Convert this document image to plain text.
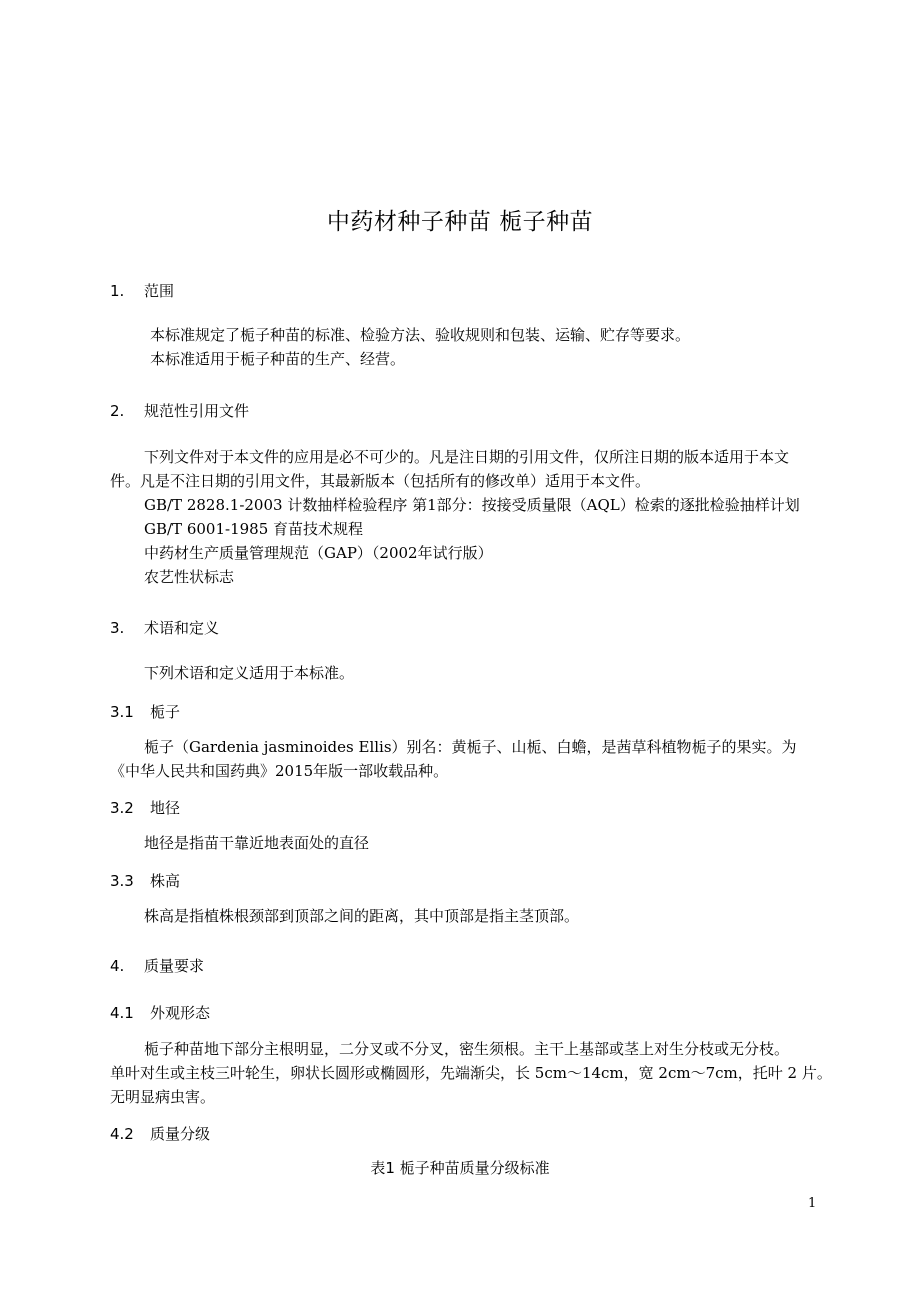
中药材种子种苗 栀子种苗
1. 范围
本标准规定了栀子种苗的标准、检验方法、验收规则和包装、运输、贮存等要求。
本标准适用于栀子种苗的生产、经营。
2. 规范性引用文件
下列文件对于本文件的应用是必不可少的。凡是注日期的引用文件，仅所注日期的版本适用于本文
件。凡是不注日期的引用文件，其最新版本（包括所有的修改单）适用于本文件。
GB/T 2828.1-2003 计数抽样检验程序 第1部分：按接受质量限（AQL）检索的逐批检验抽样计划
GB/T 6001-1985 育苗技术规程
中药材生产质量管理规范（GAP）（2002年试行版）
农艺性状标志
3. 术语和定义
下列术语和定义适用于本标准。
3.1 栀子
栀子（Gardenia jasminoides Ellis）别名：黄栀子、山栀、白蟾，是茜草科植物栀子的果实。为
《中华人民共和国药典》2015年版一部收载品种。
3.2 地径
地径是指苗干靠近地表面处的直径
3.3 株高
株高是指植株根颈部到顶部之间的距离，其中顶部是指主茎顶部。
4. 质量要求
4.1 外观形态
栀子种苗地下部分主根明显，二分叉或不分叉，密生须根。主干上基部或茎上对生分枝或无分枝。
单叶对生或主枝三叶轮生，卵状长圆形或椭圆形，先端渐尖，长 5cm～14cm，宽 2cm～7cm，托叶 2 片。
无明显病虫害。
4.2 质量分级
表1 栀子种苗质量分级标准
1
